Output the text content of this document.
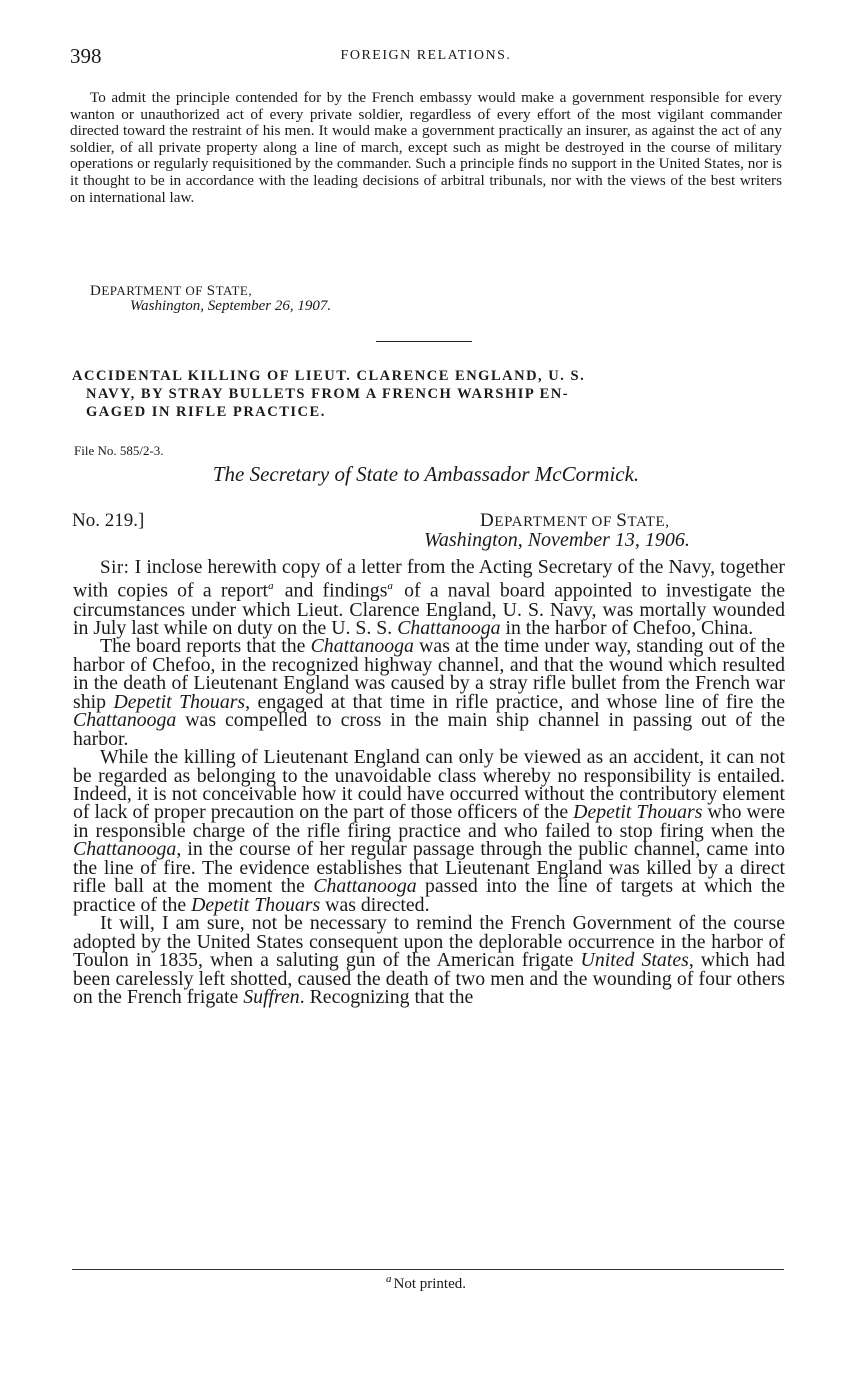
398	FOREIGN RELATIONS.

To admit the principle contended for by the French embassy would make a government responsible for every wanton or unauthorized act of every private soldier, regardless of every effort of the most vigilant commander directed toward the restraint of his men. It would make a government practically an insurer, as against the act of any soldier, of all private property along a line of march, except such as might be destroyed in the course of military operations or regularly requisitioned by the commander. Such a principle finds no support in the United States, nor is it thought to be in accordance with the leading decisions of arbitral tribunals, nor with the views of the best writers on international law.

DEPARTMENT OF STATE,
Washington, September 26, 1907.
ACCIDENTAL KILLING OF LIEUT. CLARENCE ENGLAND, U. S.
NAVY, BY STRAY BULLETS FROM A FRENCH WARSHIP EN-
GAGED IN RIFLE PRACTICE.
File No. 585/2-3.
The Secretary of State to Ambassador McCormick.
No. 219.]	DEPARTMENT OF STATE,
Washington, November 13, 1906.

Sir: I inclose herewith copy of a letter from the Acting Secretary of the Navy, together with copies of a report$^a$ and findings$^a$ of a naval board appointed to investigate the circumstances under which Lieut. Clarence England, U. S. Navy, was mortally wounded in July last while on duty on the U. S. S. Chattanooga in the harbor of Chefoo, China.

The board reports that the Chattanooga was at the time under way, standing out of the harbor of Chefoo, in the recognized highway channel, and that the wound which resulted in the death of Lieutenant England was caused by a stray rifle bullet from the French war ship Depetit Thouars, engaged at that time in rifle practice, and whose line of fire the Chattanooga was compelled to cross in the main ship channel in passing out of the harbor.

While the killing of Lieutenant England can only be viewed as an accident, it can not be regarded as belonging to the unavoidable class whereby no responsibility is entailed. Indeed, it is not conceivable how it could have occurred without the contributory element of lack of proper precaution on the part of those officers of the Depetit Thouars who were in responsible charge of the rifle firing practice and who failed to stop firing when the Chattanooga, in the course of her regular passage through the public channel, came into the line of fire. The evidence establishes that Lieutenant England was killed by a direct rifle ball at the moment the Chattanooga passed into the line of targets at which the practice of the Depetit Thouars was directed.

It will, I am sure, not be necessary to remind the French Government of the course adopted by the United States consequent upon the deplorable occurrence in the harbor of Toulon in 1835, when a saluting gun of the American frigate United States, which had been carelessly left shotted, caused the death of two men and the wounding of four others on the French frigate Suffren. Recognizing that the

$^a$ Not printed.
